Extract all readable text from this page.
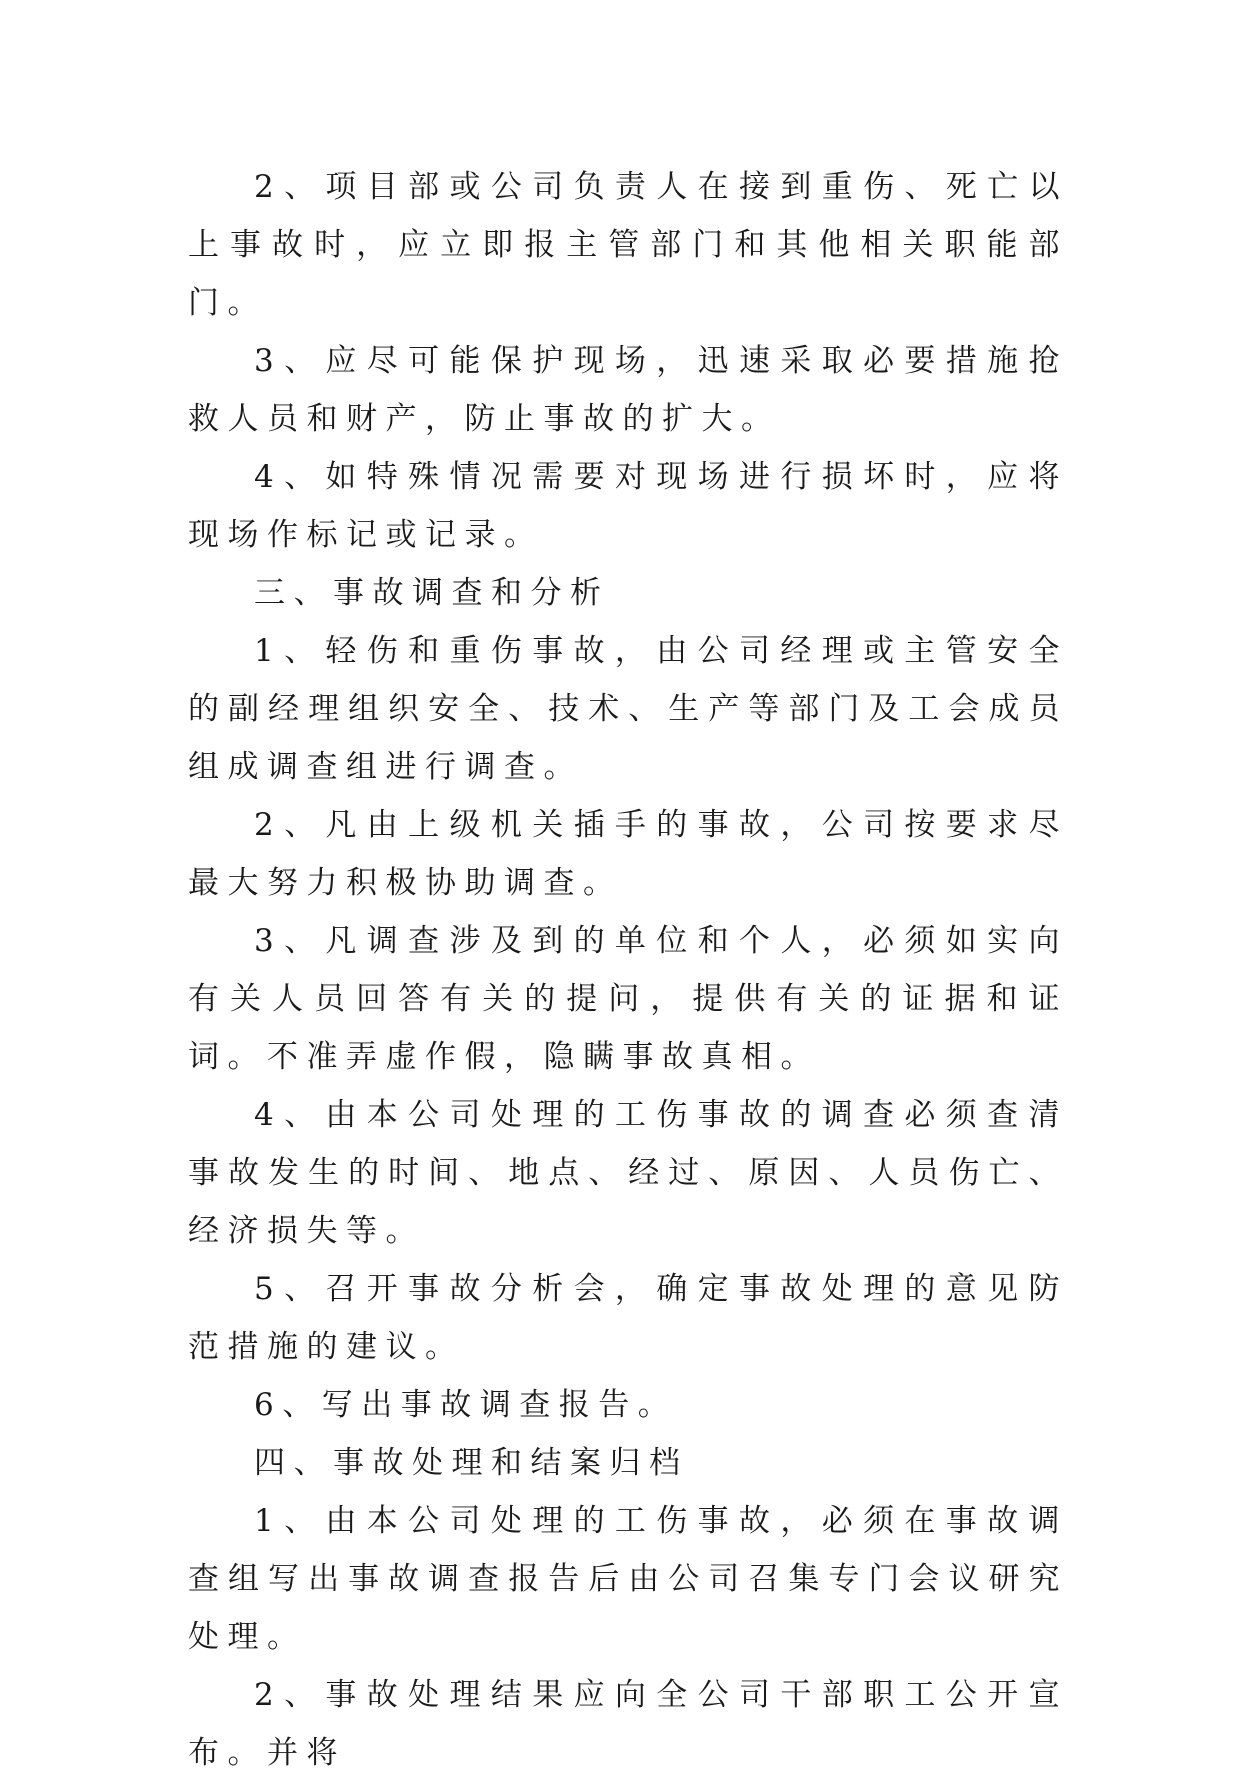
2、项目部或公司负责人在接到重伤、死亡以上事故时，应立即报主管部门和其他相关职能部门。

3、应尽可能保护现场，迅速采取必要措施抢救人员和财产，防止事故的扩大。

4、如特殊情况需要对现场进行损坏时，应将现场作标记或记录。

三、事故调查和分析

1、轻伤和重伤事故，由公司经理或主管安全的副经理组织安全、技术、生产等部门及工会成员组成调查组进行调查。

2、凡由上级机关插手的事故，公司按要求尽最大努力积极协助调查。

3、凡调查涉及到的单位和个人，必须如实向有关人员回答有关的提问，提供有关的证据和证词。不准弄虚作假，隐瞒事故真相。

4、由本公司处理的工伤事故的调查必须查清事故发生的时间、地点、经过、原因、人员伤亡、经济损失等。

5、召开事故分析会，确定事故处理的意见防范措施的建议。

6、写出事故调查报告。

四、事故处理和结案归档

1、由本公司处理的工伤事故，必须在事故调查组写出事故调查报告后由公司召集专门会议研究处理。

2、事故处理结果应向全公司干部职工公开宣布。并将
